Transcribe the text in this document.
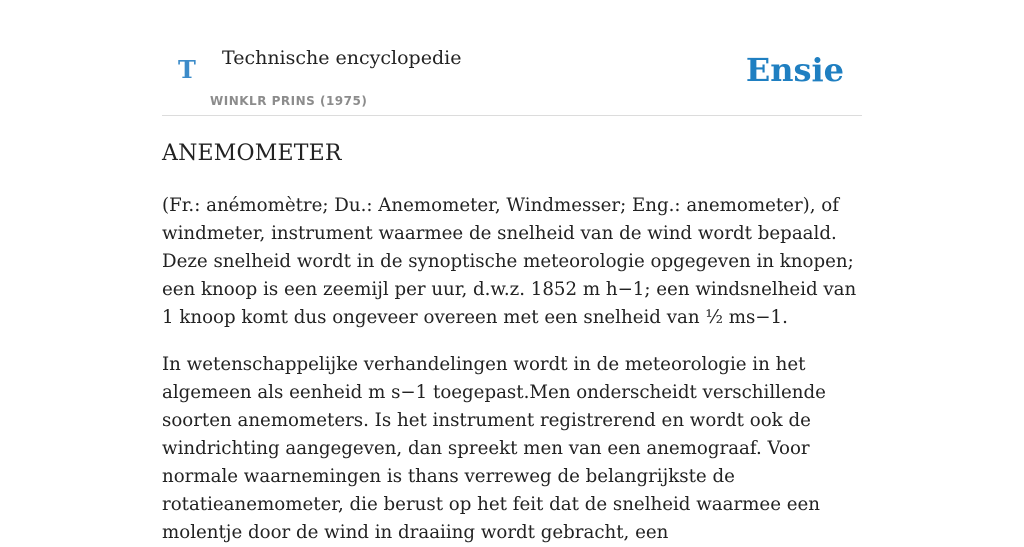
T Technische encyclopedie
WINKLR PRINS (1975)
Ensie
ANEMOMETER

(Fr.: anémomètre; Du.: Anemometer, Windmesser; Eng.: anemometer), of windmeter, instrument waarmee de snelheid van de wind wordt bepaald. Deze snelheid wordt in de synoptische meteorologie opgegeven in knopen; een knoop is een zeemijl per uur, d.w.z. 1852 m h−1; een windsnelheid van 1 knoop komt dus ongeveer overeen met een snelheid van ½ ms−1.

In wetenschappelijke verhandelingen wordt in de meteorologie in het algemeen als eenheid m s−1 toegepast.Men onderscheidt verschillende soorten anemometers. Is het instrument registrerend en wordt ook de windrichting aangegeven, dan spreekt men van een anemograaf. Voor normale waarnemingen is thans verreweg de belangrijkste de rotatieanemometer, die berust op het feit dat de snelheid waarmee een molentje door de wind in draaiing wordt gebracht, een
